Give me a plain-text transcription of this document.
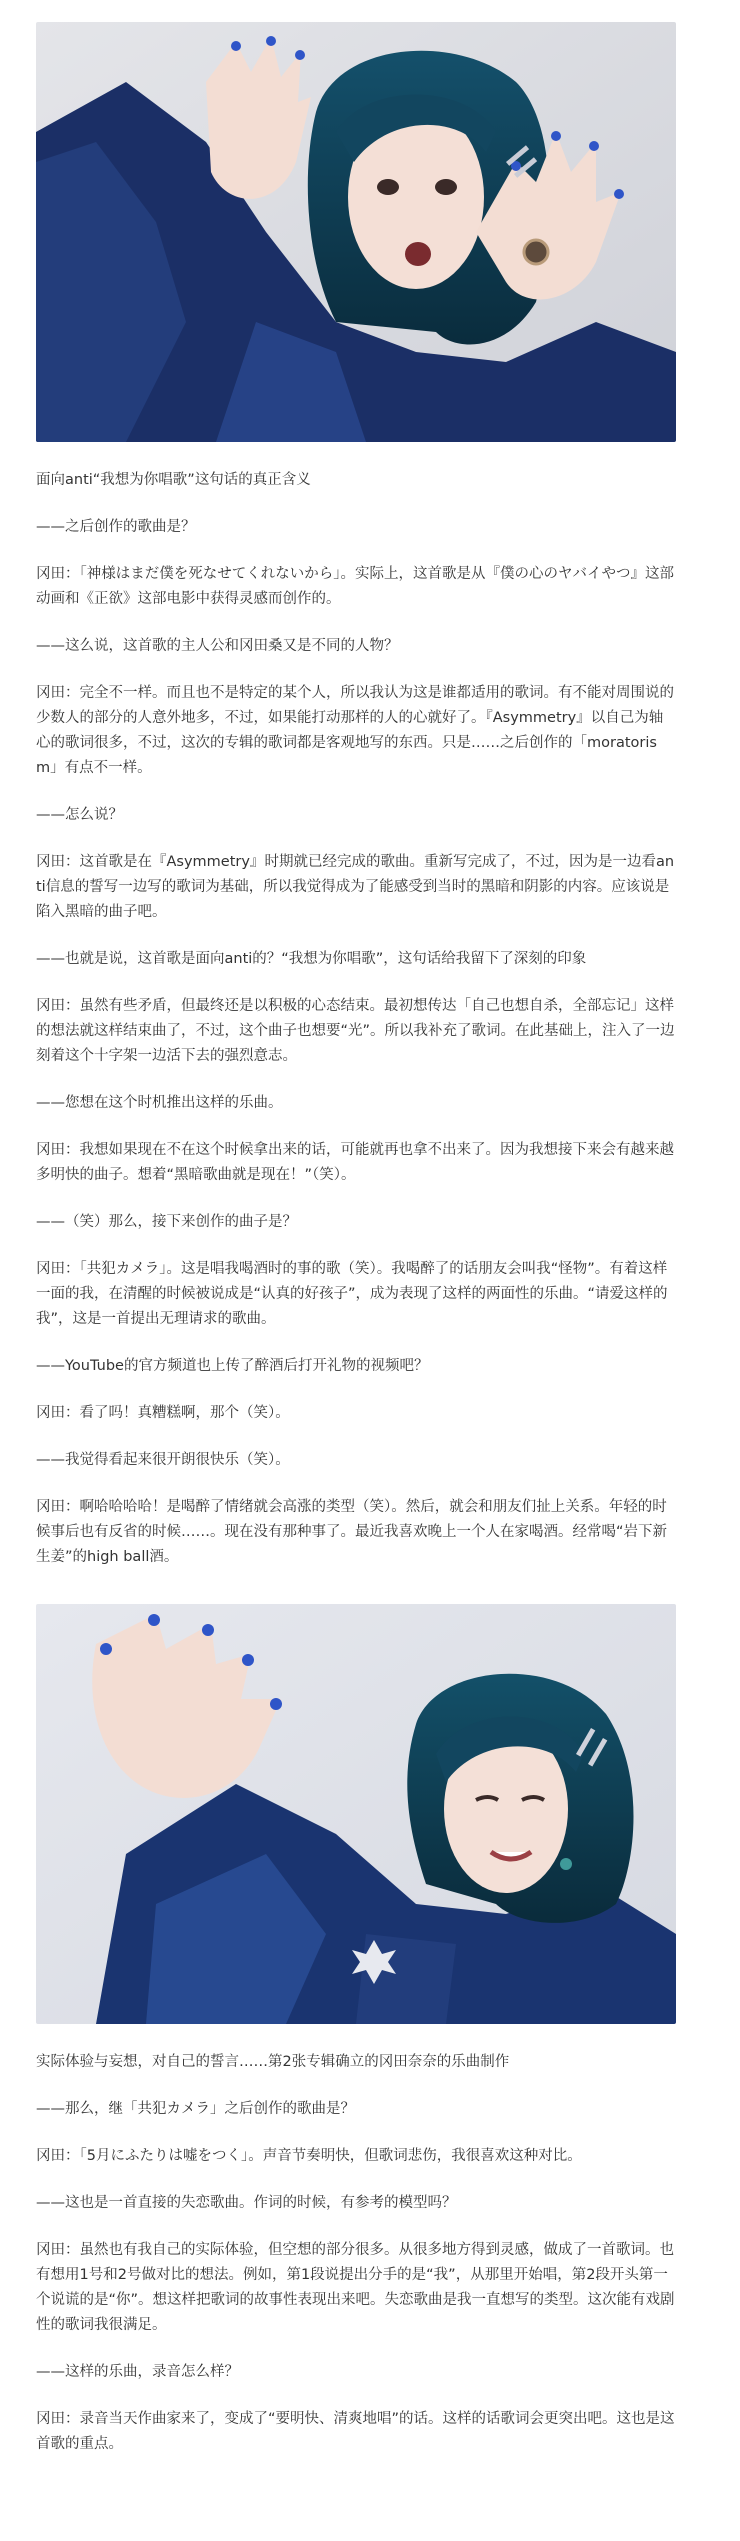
面向anti“我想为你唱歌”这句话的真正含义

——之后创作的歌曲是？

冈田：「神様はまだ僕を死なせてくれないから」。实际上，这首歌是从『僕の心のヤバイやつ』这部动画和《正欲》这部电影中获得灵感而创作的。

——这么说，这首歌的主人公和冈田桑又是不同的人物？

冈田：完全不一样。而且也不是特定的某个人，所以我认为这是谁都适用的歌词。有不能对周围说的少数人的部分的人意外地多，不过，如果能打动那样的人的心就好了。『Asymmetry』以自己为轴心的歌词很多，不过，这次的专辑的歌词都是客观地写的东西。只是……之后创作的「moratorism」有点不一样。

——怎么说？

冈田：这首歌是在『Asymmetry』时期就已经完成的歌曲。重新写完成了，不过，因为是一边看anti信息的誓写一边写的歌词为基础，所以我觉得成为了能感受到当时的黑暗和阴影的内容。应该说是陷入黑暗的曲子吧。

——也就是说，这首歌是面向anti的？“我想为你唱歌”，这句话给我留下了深刻的印象

冈田：虽然有些矛盾，但最终还是以积极的心态结束。最初想传达「自己也想自杀，全部忘记」这样的想法就这样结束曲了，不过，这个曲子也想要“光”。所以我补充了歌词。在此基础上，注入了一边刻着这个十字架一边活下去的强烈意志。

——您想在这个时机推出这样的乐曲。

冈田：我想如果现在不在这个时候拿出来的话，可能就再也拿不出来了。因为我想接下来会有越来越多明快的曲子。想着“黑暗歌曲就是现在！”（笑）。

——（笑）那么，接下来创作的曲子是？

冈田：「共犯カメラ」。这是唱我喝酒时的事的歌（笑）。我喝醉了的话朋友会叫我“怪物”。有着这样一面的我，在清醒的时候被说成是“认真的好孩子”，成为表现了这样的两面性的乐曲。“请爱这样的我”，这是一首提出无理请求的歌曲。

——YouTube的官方频道也上传了醉酒后打开礼物的视频吧？

冈田：看了吗！真糟糕啊，那个（笑）。

——我觉得看起来很开朗很快乐（笑）。

冈田：啊哈哈哈哈！是喝醉了情绪就会高涨的类型（笑）。然后，就会和朋友们扯上关系。年轻的时候事后也有反省的时候……。现在没有那种事了。最近我喜欢晚上一个人在家喝酒。经常喝“岩下新生姜”的high ball酒。

实际体验与妄想，对自己的誓言……第2张专辑确立的冈田奈奈的乐曲制作

——那么，继「共犯カメラ」之后创作的歌曲是？

冈田：「5月にふたりは嘘をつく」。声音节奏明快，但歌词悲伤，我很喜欢这种对比。

——这也是一首直接的失恋歌曲。作词的时候，有参考的模型吗？

冈田：虽然也有我自己的实际体验，但空想的部分很多。从很多地方得到灵感，做成了一首歌词。也有想用1号和2号做对比的想法。例如，第1段说提出分手的是“我”，从那里开始唱，第2段开头第一个说谎的是“你”。想这样把歌词的故事性表现出来吧。失恋歌曲是我一直想写的类型。这次能有戏剧性的歌词我很满足。

——这样的乐曲，录音怎么样？

冈田：录音当天作曲家来了，变成了“要明快、清爽地唱”的话。这样的话歌词会更突出吧。这也是这首歌的重点。
